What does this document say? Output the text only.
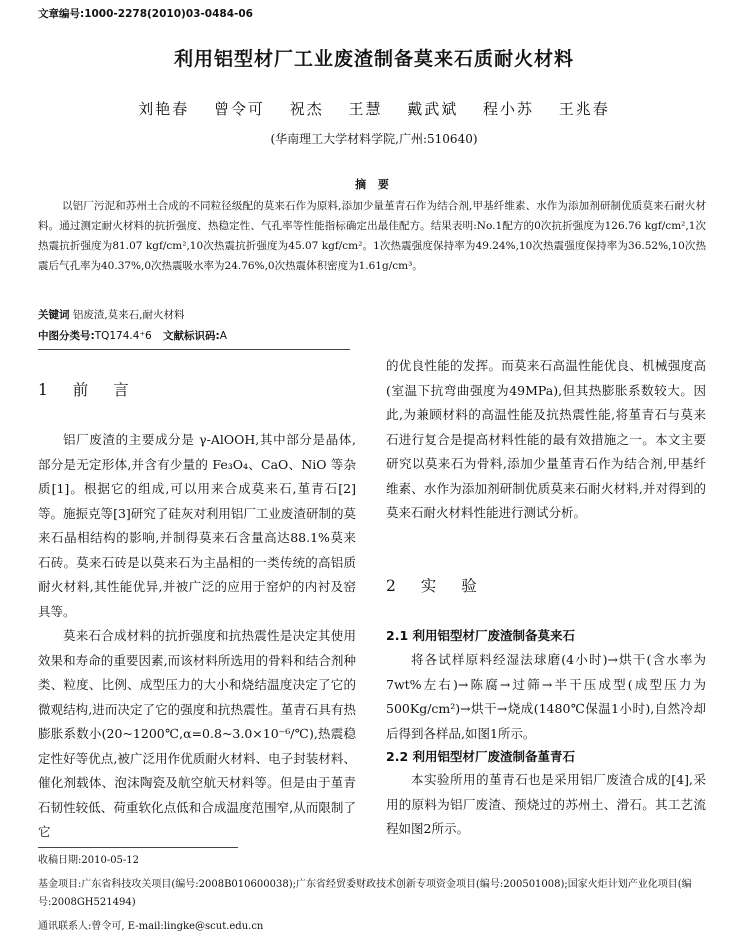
文章编号:1000-2278(2010)03-0484-06
利用铝型材厂工业废渣制备莫来石质耐火材料
刘艳春 曾令可 祝杰 王慧 戴武斌 程小苏 王兆春
(华南理工大学材料学院,广州:510640)
摘 要
以铝厂污泥和苏州土合成的不同粒径级配的莫来石作为原料,添加少量堇青石作为结合剂,甲基纤维素、水作为添加剂研制优质莫来石耐火材料。通过测定耐火材料的抗折强度、热稳定性、气孔率等性能指标确定出最佳配方。结果表明:No.1配方的0次抗折强度为126.76 kgf/cm²,1次热震抗折强度为81.07 kgf/cm²,10次热震抗折强度为45.07 kgf/cm²。1次热震强度保持率为49.24%,10次热震强度保持率为36.52%,10次热震后气孔率为40.37%,0次热震吸水率为24.76%,0次热震体积密度为1.61g/cm³。
关键词 铝废渣,莫来石,耐火材料
中图分类号:TQ174.4⁺6 文献标识码:A
1 前 言

铝厂废渣的主要成分是 γ-AlOOH,其中部分是晶体,部分是无定形体,并含有少量的 Fe₃O₄、CaO、NiO 等杂质[1]。根据它的组成,可以用来合成莫来石,堇青石[2]等。施振克等[3]研究了硅灰对利用铝厂工业废渣研制的莫来石晶相结构的影响,并制得莫来石含量高达88.1%莫来石砖。莫来石砖是以莫来石为主晶相的一类传统的高铝质耐火材料,其性能优异,并被广泛的应用于窑炉的内衬及窑具等。

莫来石合成材料的抗折强度和抗热震性是决定其使用效果和寿命的重要因素,而该材料所选用的骨料和结合剂种类、粒度、比例、成型压力的大小和烧结温度决定了它的微观结构,进而决定了它的强度和抗热震性。堇青石具有热膨胀系数小(20~1200℃,α=0.8~3.0×10⁻⁶/℃),热震稳定性好等优点,被广泛用作优质耐火材料、电子封装材料、催化剂载体、泡沫陶瓷及航空航天材料等。但是由于堇青石韧性较低、荷重软化点低和合成温度范围窄,从而限制了它

的优良性能的发挥。而莫来石高温性能优良、机械强度高(室温下抗弯曲强度为49MPa),但其热膨胀系数较大。因此,为兼顾材料的高温性能及抗热震性能,将堇青石与莫来石进行复合是提高材料性能的最有效措施之一。本文主要研究以莫来石为骨料,添加少量堇青石作为结合剂,甲基纤维素、水作为添加剂研制优质莫来石耐火材料,并对得到的莫来石耐火材料性能进行测试分析。

2 实 验
2.1 利用铝型材厂废渣制备莫来石

将各试样原料经湿法球磨(4小时)→烘干(含水率为7wt%左右)→陈腐→过筛→半干压成型(成型压力为500Kg/cm²)→烘干→烧成(1480℃保温1小时),自然冷却后得到各样品,如图1所示。

2.2 利用铝型材厂废渣制备堇青石

本实验所用的堇青石也是采用铝厂废渣合成的[4],采用的原料为铝厂废渣、预烧过的苏州土、滑石。其工艺流程如图2所示。

收稿日期:2010-05-12
基金项目:广东省科技攻关项目(编号:2008B010600038);广东省经贸委财政技术创新专项资金项目(编号:200501008);国家火炬计划产业化项目(编号:2008GH521494)
通讯联系人:曾令可, E-mail:lingke@scut.edu.cn
